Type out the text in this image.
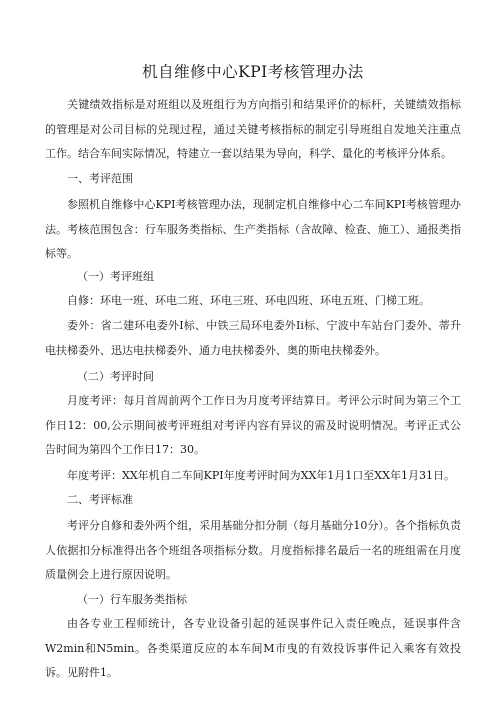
机自维修中心KPI考核管理办法

关键绩效指标是对班组以及班组行为方向指引和结果评价的标杆，关键绩效指标的管理是对公司目标的兑现过程，通过关键考核指标的制定引导班组自发地关注重点工作。结合车间实际情况，特建立一套以结果为导向，科学、量化的考核评分体系。

一、考评范围

参照机自维修中心KPI考核管理办法，现制定机自维修中心二车间KPI考核管理办法。考核范围包含：行车服务类指标、生产类指标（含故障、检查、施工）、通报类指标等。

（一）考评班组

自修：环电一班、环电二班、环电三班、环电四班、环电五班、门梯工班。

委外：省二建环电委外I标、中铁三局环电委外Ii标、宁波中车站台门委外、蒂升电扶梯委外、迅达电扶梯委外、通力电扶梯委外、奥的斯电扶梯委外。

（二）考评时间

月度考评：每月首周前两个工作日为月度考评结算日。考评公示时间为第三个工作日12：00,公示期间被考评班组对考评内容有异议的需及时说明情况。考评正式公告时间为第四个工作日17：30。

年度考评：XX年机自二车间KPI年度考评时间为XX年1月1口至XX年1月31日。

二、考评标准

考评分自修和委外两个组，采用基础分扣分制（每月基础分10分）。各个指标负责人依据扣分标准得出各个班组各项指标分数。月度指标排名最后一名的班组需在月度质量例会上进行原因说明。

（一）行车服务类指标

由各专业工程师统计，各专业设备引起的延误事件记入责任晚点，延误事件含W2min和N5min。各类渠道反应的本车间M市曳的有效投诉事件记入乘客有效投诉。见附件1。
